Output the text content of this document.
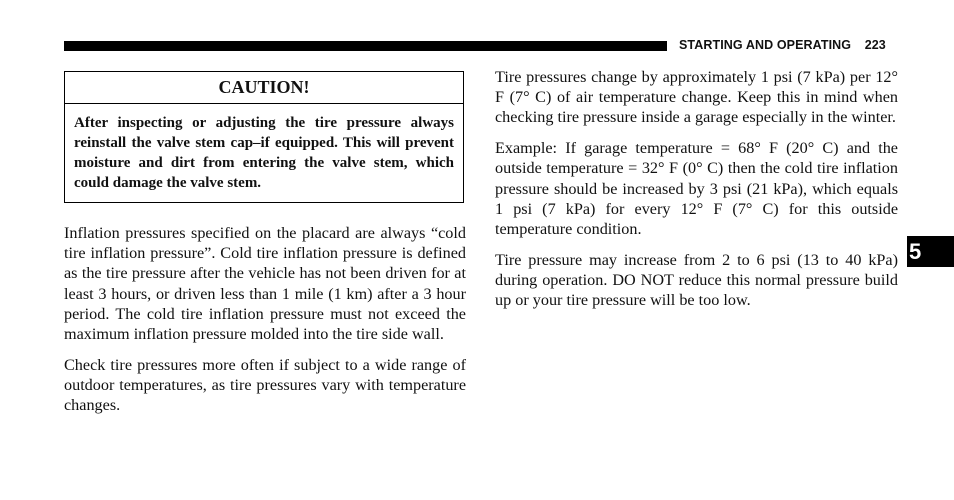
STARTING AND OPERATING 223
CAUTION!
After inspecting or adjusting the tire pressure always reinstall the valve stem cap–if equipped. This will prevent moisture and dirt from entering the valve stem, which could damage the valve stem.

Inflation pressures specified on the placard are always “cold tire inflation pressure”. Cold tire inflation pressure is defined as the tire pressure after the vehicle has not been driven for at least 3 hours, or driven less than 1 mile (1 km) after a 3 hour period. The cold tire inflation pressure must not exceed the maximum inflation pressure molded into the tire side wall.

Check tire pressures more often if subject to a wide range of outdoor temperatures, as tire pressures vary with temperature changes.

Tire pressures change by approximately 1 psi (7 kPa) per 12° F (7° C) of air temperature change. Keep this in mind when checking tire pressure inside a garage especially in the winter.

Example: If garage temperature = 68° F (20° C) and the outside temperature = 32° F (0° C) then the cold tire inflation pressure should be increased by 3 psi (21 kPa), which equals 1 psi (7 kPa) for every 12° F (7° C) for this outside temperature condition.

Tire pressure may increase from 2 to 6 psi (13 to 40 kPa) during operation. DO NOT reduce this normal pressure build up or your tire pressure will be too low.

5
